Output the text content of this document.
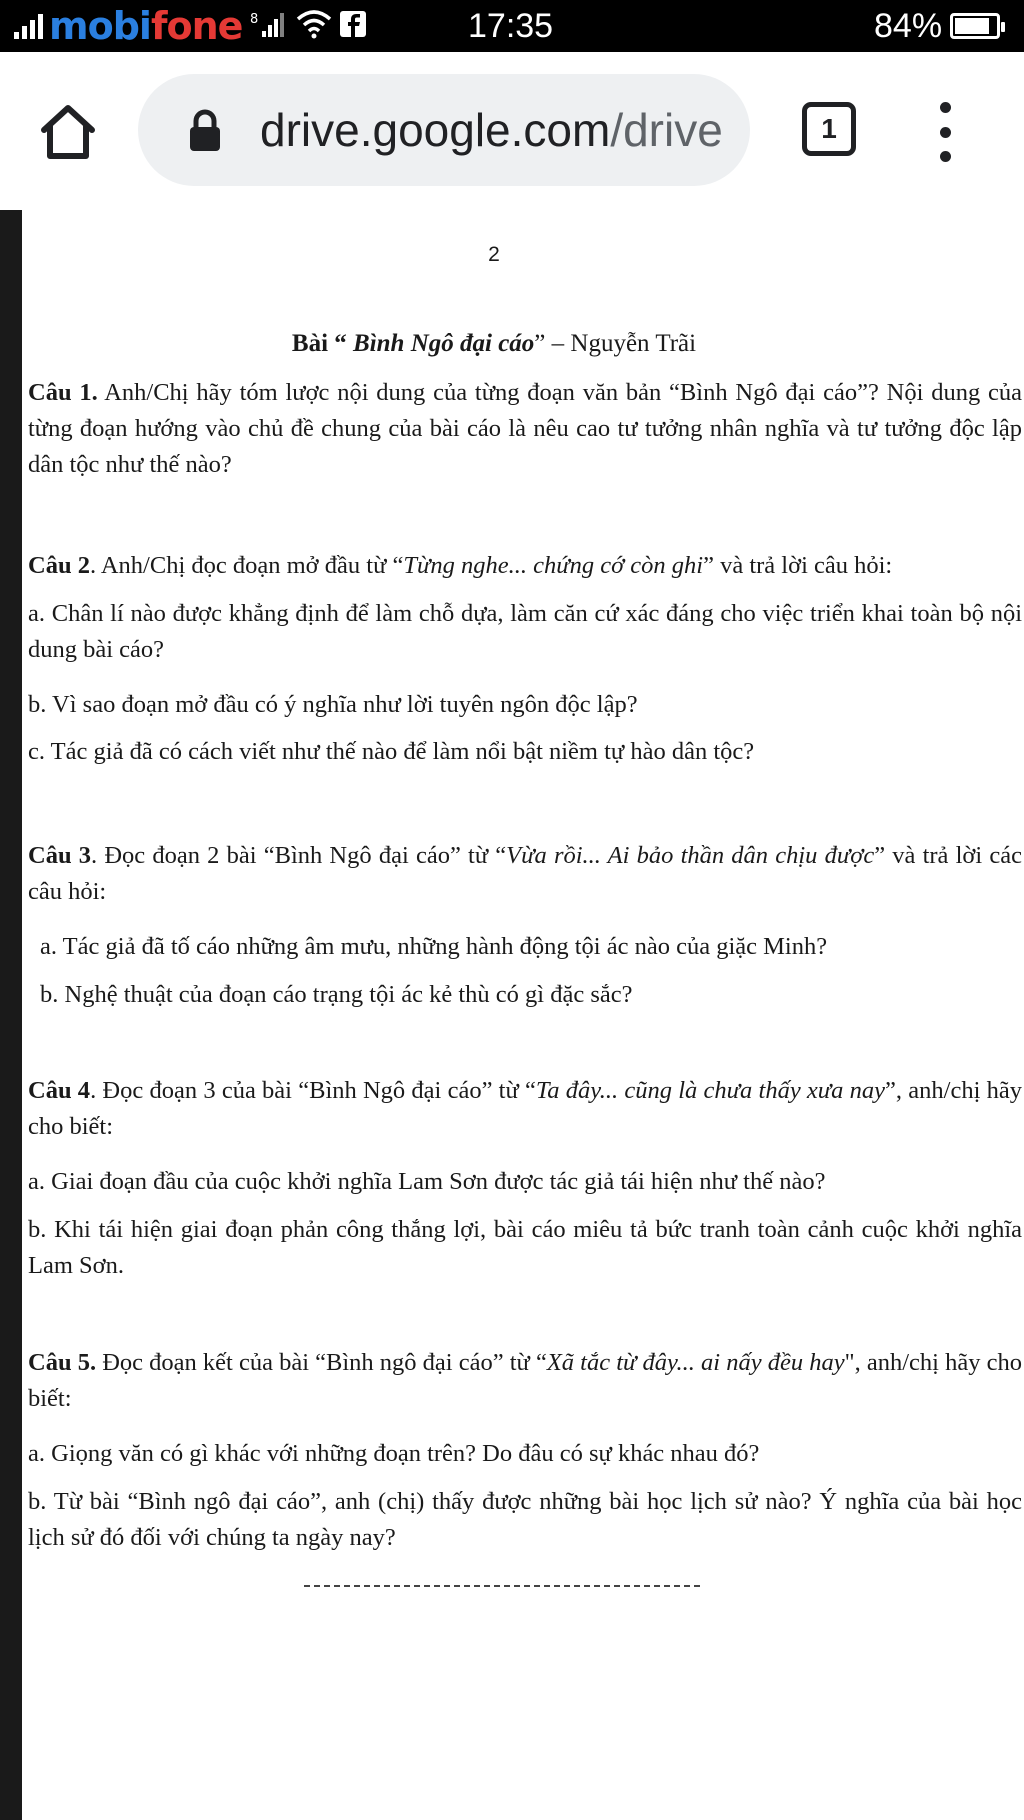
mobifone 8	17:35	84%
drive.google.com/drive	1
2
Bài “ Bình Ngô đại cáo” – Nguyễn Trãi
Câu 1. Anh/Chị hãy tóm lược nội dung của từng đoạn văn bản “Bình Ngô đại cáo”? Nội dung của từng đoạn hướng vào chủ đề chung của bài cáo là nêu cao tư tưởng nhân nghĩa và tư tưởng độc lập dân tộc như thế nào?
Câu 2. Anh/Chị đọc đoạn mở đầu từ “Từng nghe... chứng cớ còn ghi” và trả lời câu hỏi:
a. Chân lí nào được khẳng định để làm chỗ dựa, làm căn cứ xác đáng cho việc triển khai toàn bộ nội dung bài cáo?
b. Vì sao đoạn mở đầu có ý nghĩa như lời tuyên ngôn độc lập?
c. Tác giả đã có cách viết như thế nào để làm nổi bật niềm tự hào dân tộc?
Câu 3. Đọc đoạn 2 bài “Bình Ngô đại cáo” từ “Vừa rồi... Ai bảo thần dân chịu được” và trả lời các câu hỏi:
a. Tác giả đã tố cáo những âm mưu, những hành động tội ác nào của giặc Minh?
b. Nghệ thuật của đoạn cáo trạng tội ác kẻ thù có gì đặc sắc?
Câu 4. Đọc đoạn 3 của bài “Bình Ngô đại cáo” từ “Ta đây... cũng là chưa thấy xưa nay”, anh/chị hãy cho biết:
a. Giai đoạn đầu của cuộc khởi nghĩa Lam Sơn được tác giả tái hiện như thế nào?
b. Khi tái hiện giai đoạn phản công thắng lợi, bài cáo miêu tả bức tranh toàn cảnh cuộc khởi nghĩa Lam Sơn.
Câu 5. Đọc đoạn kết của bài “Bình ngô đại cáo” từ “Xã tắc từ đây... ai nấy đều hay", anh/chị hãy cho biết:
a. Giọng văn có gì khác với những đoạn trên? Do đâu có sự khác nhau đó?
b. Từ bài “Bình ngô đại cáo”, anh (chị) thấy được những bài học lịch sử nào? Ý nghĩa của bài học lịch sử đó đối với chúng ta ngày nay?
